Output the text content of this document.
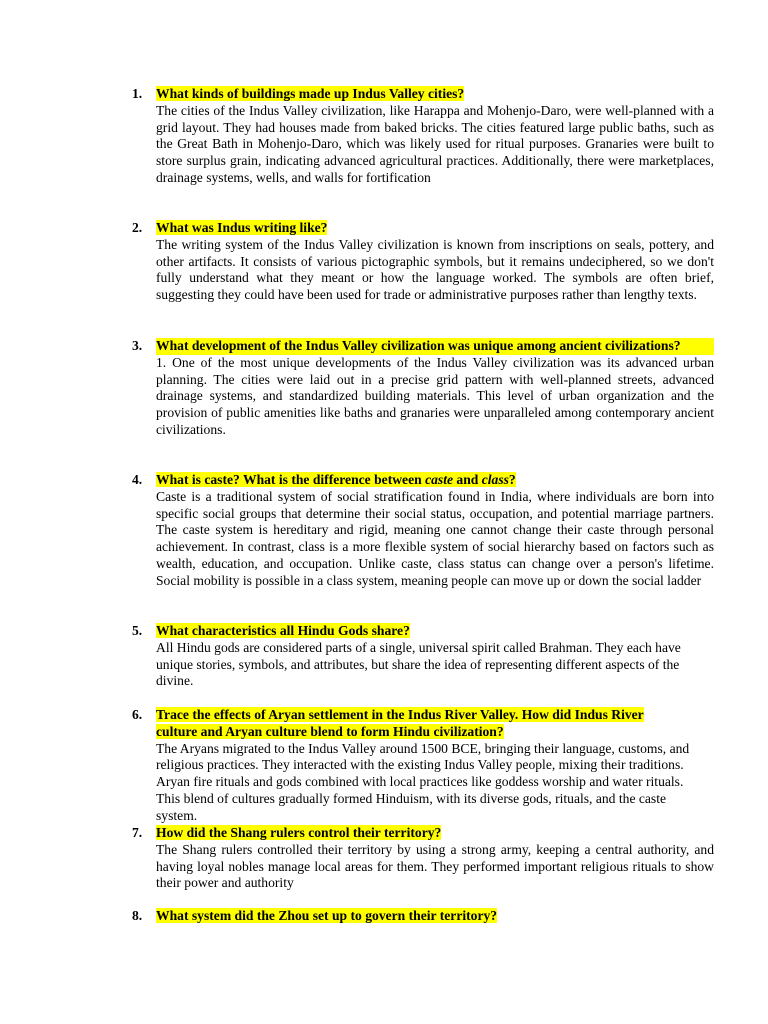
1. What kinds of buildings made up Indus Valley cities?
The cities of the Indus Valley civilization, like Harappa and Mohenjo-Daro, were well-planned with a grid layout. They had houses made from baked bricks. The cities featured large public baths, such as the Great Bath in Mohenjo-Daro, which was likely used for ritual purposes. Granaries were built to store surplus grain, indicating advanced agricultural practices. Additionally, there were marketplaces, drainage systems, wells, and walls for fortification
2. What was Indus writing like?
The writing system of the Indus Valley civilization is known from inscriptions on seals, pottery, and other artifacts. It consists of various pictographic symbols, but it remains undeciphered, so we don't fully understand what they meant or how the language worked. The symbols are often brief, suggesting they could have been used for trade or administrative purposes rather than lengthy texts.
3. What development of the Indus Valley civilization was unique among ancient civilizations?
1. One of the most unique developments of the Indus Valley civilization was its advanced urban planning. The cities were laid out in a precise grid pattern with well-planned streets, advanced drainage systems, and standardized building materials. This level of urban organization and the provision of public amenities like baths and granaries were unparalleled among contemporary ancient civilizations.
4. What is caste? What is the difference between caste and class?
Caste is a traditional system of social stratification found in India, where individuals are born into specific social groups that determine their social status, occupation, and potential marriage partners. The caste system is hereditary and rigid, meaning one cannot change their caste through personal achievement. In contrast, class is a more flexible system of social hierarchy based on factors such as wealth, education, and occupation. Unlike caste, class status can change over a person's lifetime. Social mobility is possible in a class system, meaning people can move up or down the social ladder
5. What characteristics all Hindu Gods share?
All Hindu gods are considered parts of a single, universal spirit called Brahman. They each have unique stories, symbols, and attributes, but share the idea of representing different aspects of the divine.
6. Trace the effects of Aryan settlement in the Indus River Valley. How did Indus River culture and Aryan culture blend to form Hindu civilization?
The Aryans migrated to the Indus Valley around 1500 BCE, bringing their language, customs, and religious practices. They interacted with the existing Indus Valley people, mixing their traditions. Aryan fire rituals and gods combined with local practices like goddess worship and water rituals. This blend of cultures gradually formed Hinduism, with its diverse gods, rituals, and the caste system.
7. How did the Shang rulers control their territory?
The Shang rulers controlled their territory by using a strong army, keeping a central authority, and having loyal nobles manage local areas for them. They performed important religious rituals to show their power and authority
8. What system did the Zhou set up to govern their territory?
